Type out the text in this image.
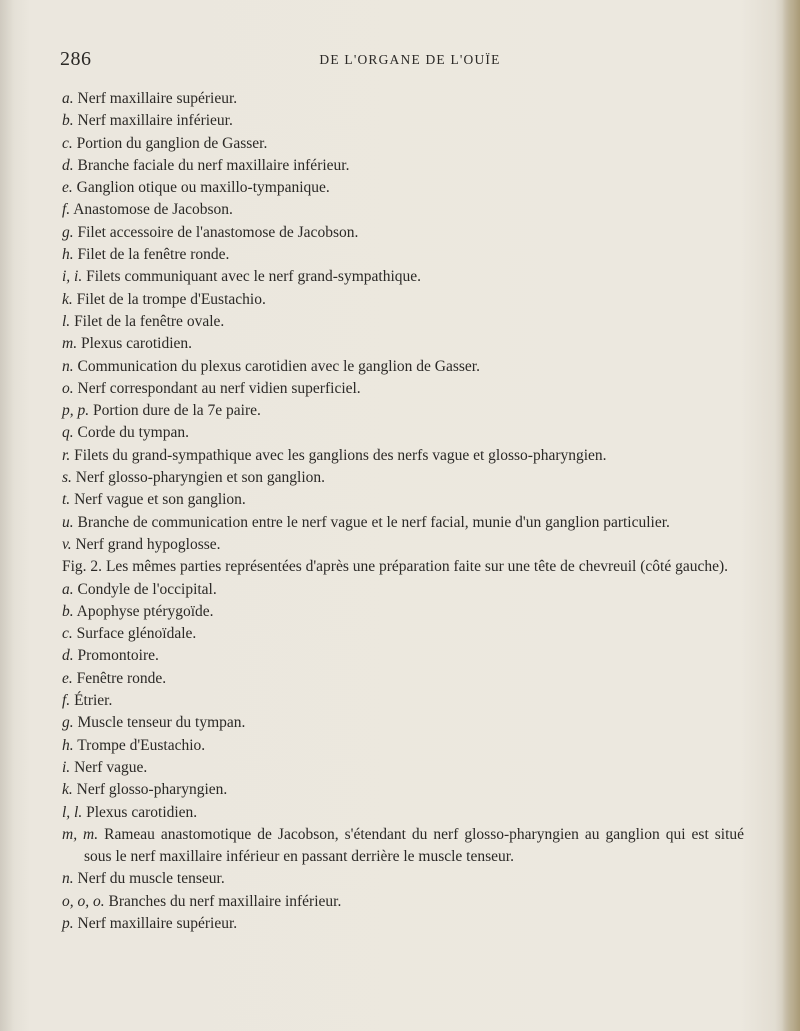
286	DE L'ORGANE DE L'OUÏE

a. Nerf maxillaire supérieur.

b. Nerf maxillaire inférieur.

c. Portion du ganglion de Gasser.

d. Branche faciale du nerf maxillaire inférieur.

e. Ganglion otique ou maxillo-tympanique.

f. Anastomose de Jacobson.

g. Filet accessoire de l'anastomose de Jacobson.

h. Filet de la fenêtre ronde.

i, i. Filets communiquant avec le nerf grand-sympathique.

k. Filet de la trompe d'Eustachio.

l. Filet de la fenêtre ovale.

m. Plexus carotidien.

n. Communication du plexus carotidien avec le ganglion de Gasser.

o. Nerf correspondant au nerf vidien superficiel.

p, p. Portion dure de la 7e paire.

q. Corde du tympan.

r. Filets du grand-sympathique avec les ganglions des nerfs vague et glosso-pharyngien.

s. Nerf glosso-pharyngien et son ganglion.

t. Nerf vague et son ganglion.

u. Branche de communication entre le nerf vague et le nerf facial, munie d'un ganglion particulier.

v. Nerf grand hypoglosse.

Fig. 2. Les mêmes parties représentées d'après une préparation faite sur une tête de chevreuil (côté gauche).

a. Condyle de l'occipital.

b. Apophyse ptérygoïde.

c. Surface glénoïdale.

d. Promontoire.

e. Fenêtre ronde.

f. Étrier.

g. Muscle tenseur du tympan.

h. Trompe d'Eustachio.

i. Nerf vague.

k. Nerf glosso-pharyngien.

l, l. Plexus carotidien.

m, m. Rameau anastomotique de Jacobson, s'étendant du nerf glosso-pharyngien au ganglion qui est situé sous le nerf maxillaire inférieur en passant derrière le muscle tenseur.

n. Nerf du muscle tenseur.

o, o, o. Branches du nerf maxillaire inférieur.

p. Nerf maxillaire supérieur.
